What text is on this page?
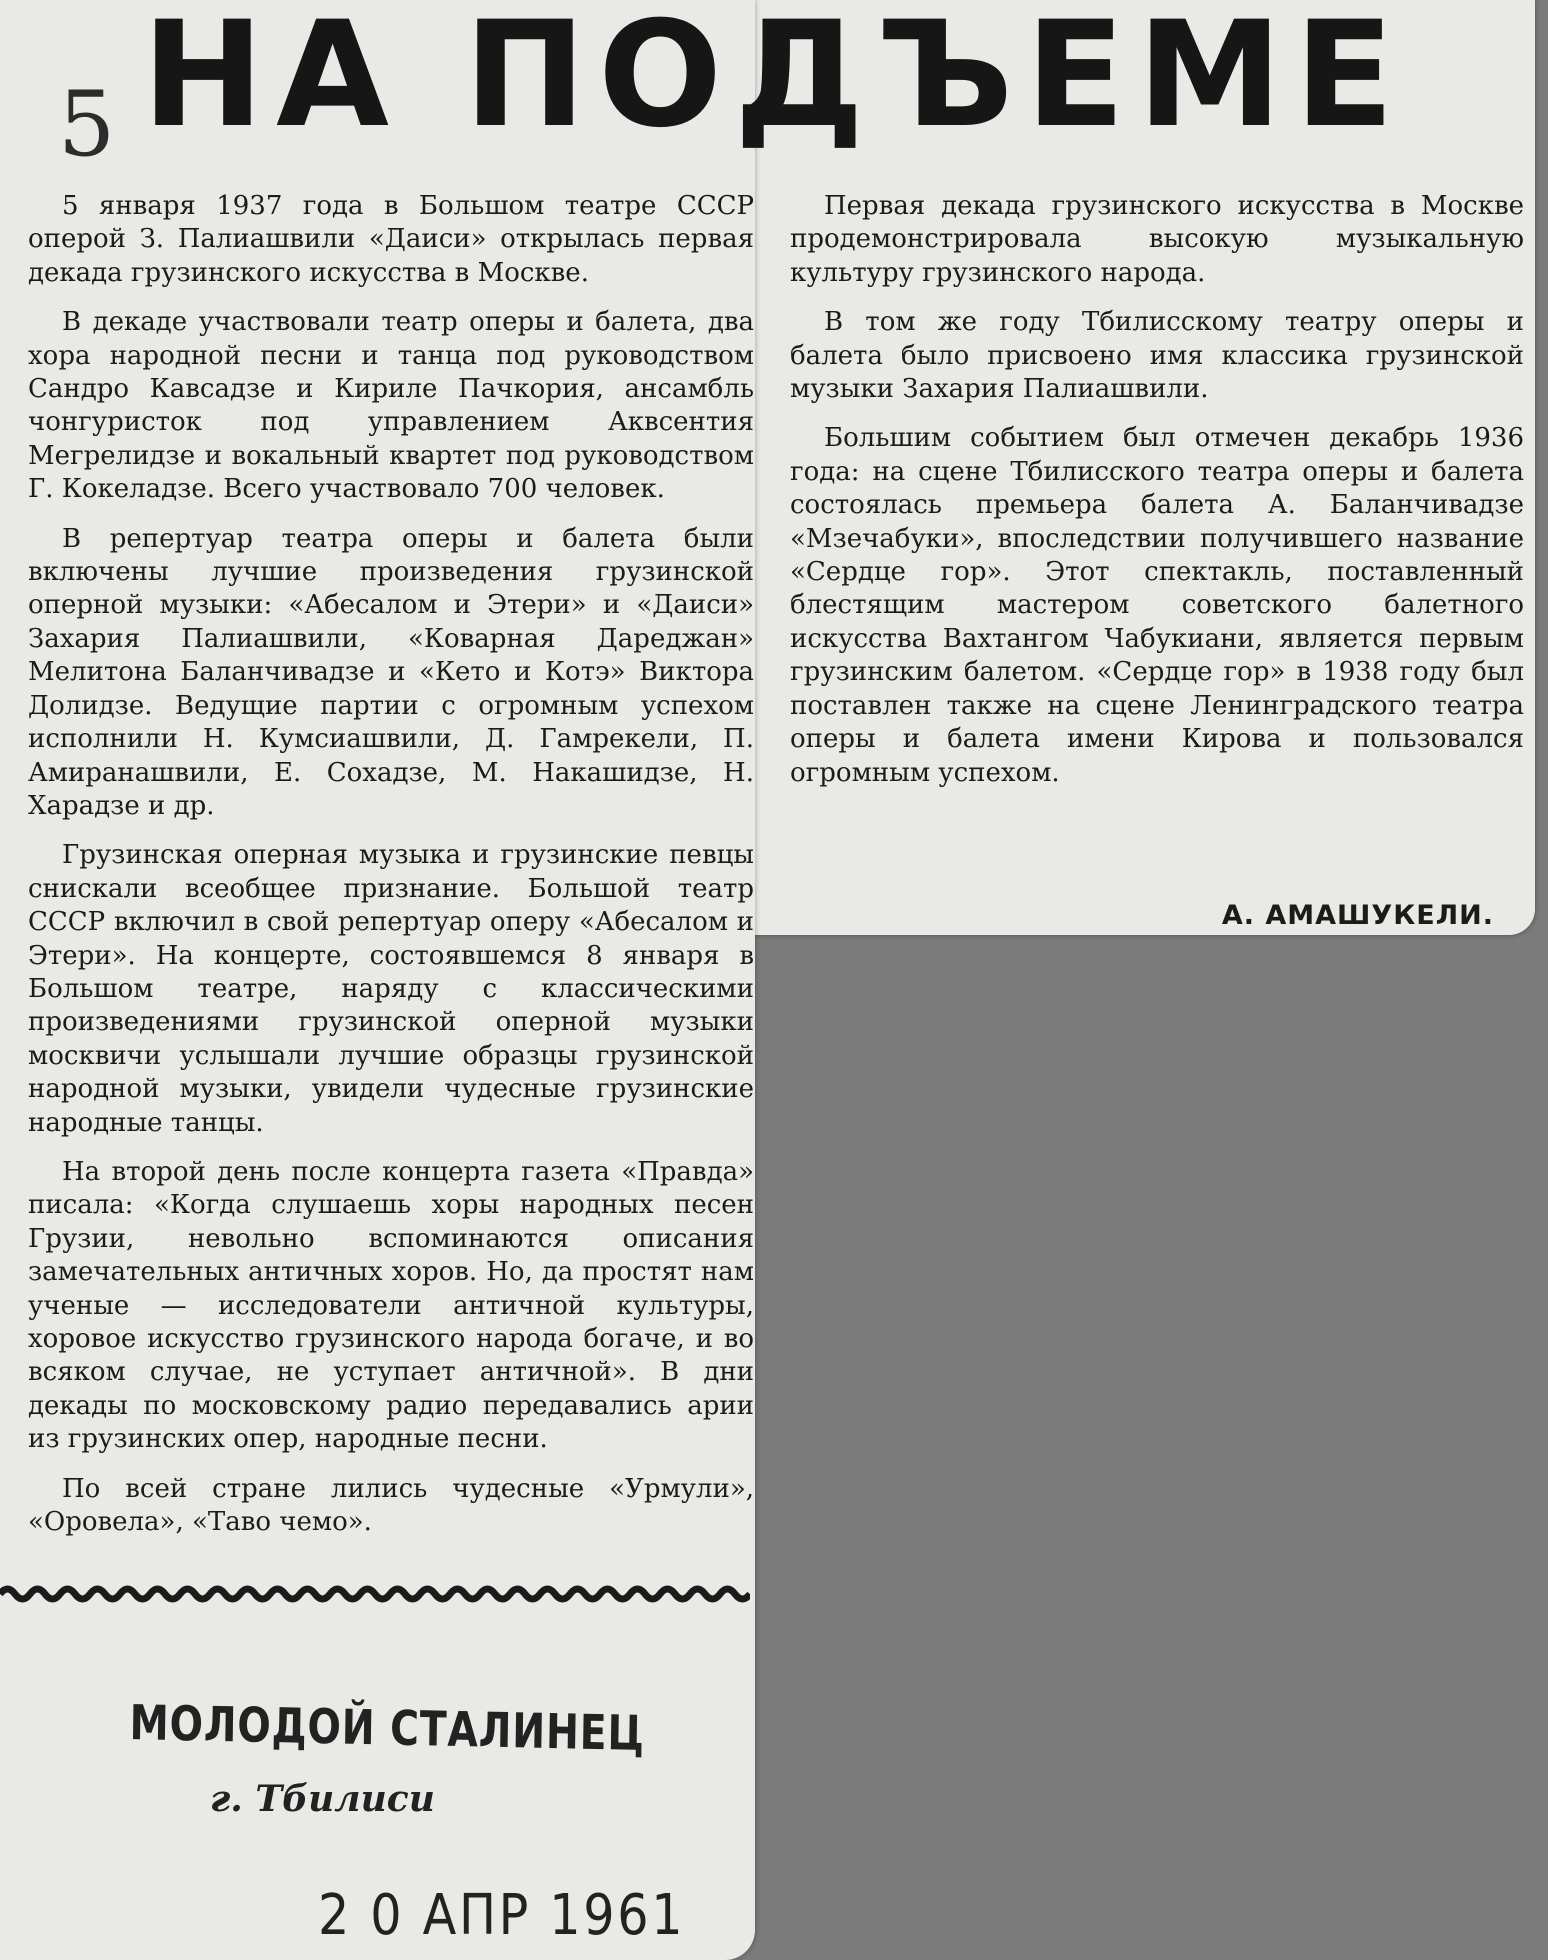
5 НА ПОДЪЕМЕ

5 января 1937 года в Большом театре СССР оперой З. Палиашвили «Даиси» открылась первая декада грузинского искусства в Москве.

В декаде участвовали театр оперы и балета, два хора народной песни и танца под руководством Сандро Кавсадзе и Кириле Пачкория, ансамбль чонгуристок под управлением Аквсентия Мегрелидзе и вокальный квартет под руководством Г. Кокеладзе. Всего участвовало 700 человек.

В репертуар театра оперы и балета были включены лучшие произведения грузинской оперной музыки: «Абесалом и Этери» и «Даиси» Захария Палиашвили, «Коварная Дареджан» Мелитона Баланчивадзе и «Кето и Котэ» Виктора Долидзе. Ведущие партии с огромным успехом исполнили Н. Кумсиашвили, Д. Гамрекели, П. Амиранашвили, Е. Сохадзе, М. Накашидзе, Н. Харадзе и др.

Грузинская оперная музыка и грузинские певцы снискали всеобщее признание. Большой театр СССР включил в свой репертуар оперу «Абесалом и Этери». На концерте, состоявшемся 8 января в Большом театре, наряду с классическими произведениями грузинской оперной музыки москвичи услышали лучшие образцы грузинской народной музыки, увидели чудесные грузинские народные танцы.

На второй день после концерта газета «Правда» писала: «Когда слушаешь хоры народных песен Грузии, невольно вспоминаются описания замечательных античных хоров. Но, да простят нам ученые — исследователи античной культуры, хоровое искусство грузинского народа богаче, и во всяком случае, не уступает античной». В дни декады по московскому радио передавались арии из грузинских опер, народные песни.

По всей стране лились чудесные «Урмули», «Оровела», «Таво чемо».

Первая декада грузинского искусства в Москве продемонстрировала высокую музыкальную культуру грузинского народа.

В том же году Тбилисскому театру оперы и балета было присвоено имя классика грузинской музыки Захария Палиашвили.

Большим событием был отмечен декабрь 1936 года: на сцене Тбилисского театра оперы и балета состоялась премьера балета А. Баланчивадзе «Мзечабуки», впоследствии получившего название «Сердце гор». Этот спектакль, поставленный блестящим мастером советского балетного искусства Вахтангом Чабукиани, является первым грузинским балетом. «Сердце гор» в 1938 году был поставлен также на сцене Ленинградского театра оперы и балета имени Кирова и пользовался огромным успехом.

А. АМАШУКЕЛИ.
МОЛОДОЙ СТАЛИНЕЦ
г. Тбилиси
2 0 АПР 1961
